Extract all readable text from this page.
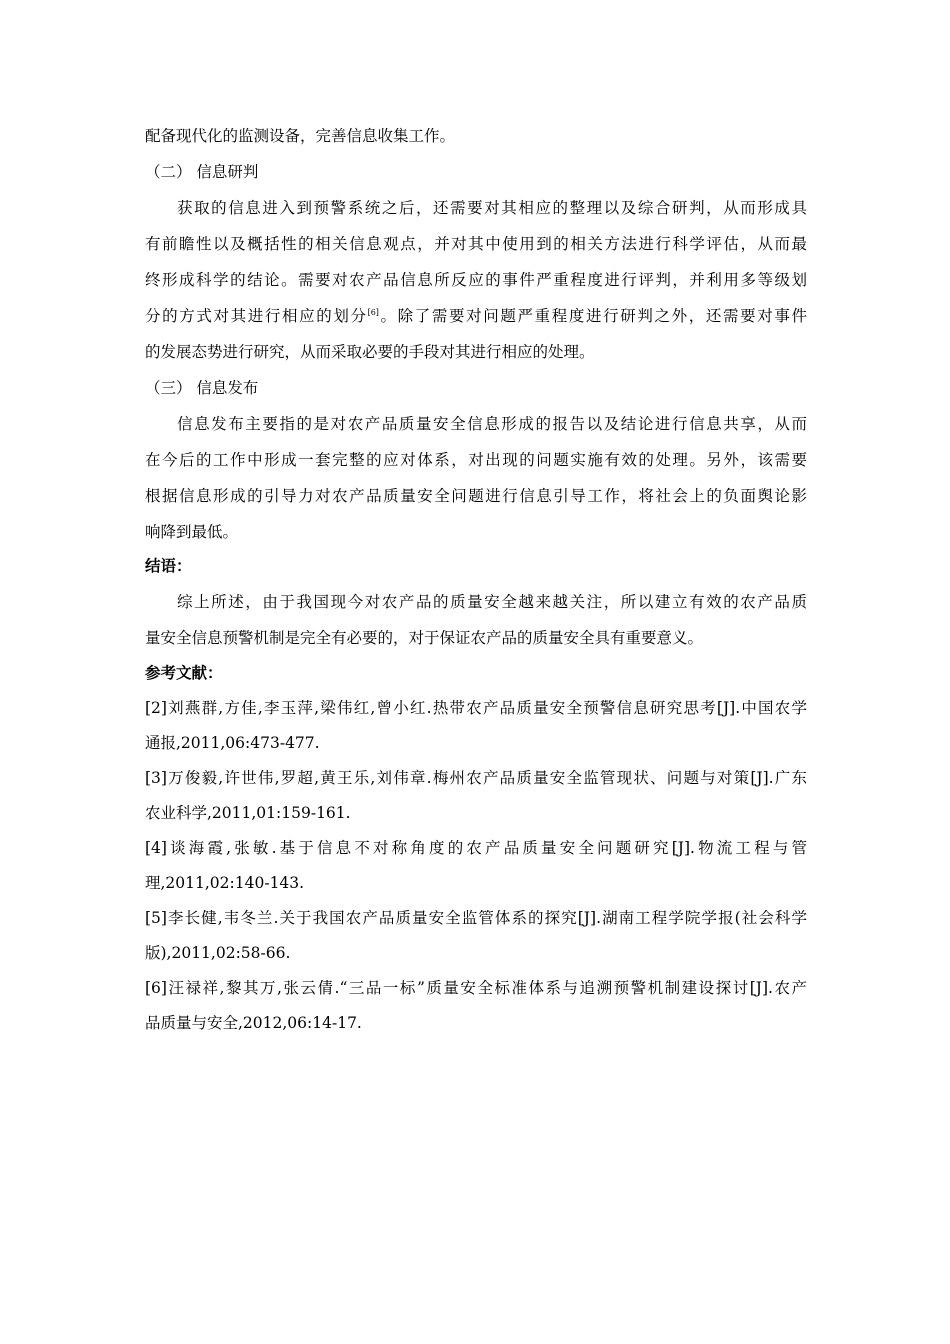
配备现代化的监测设备，完善信息收集工作。
（二） 信息研判
获取的信息进入到预警系统之后，还需要对其相应的整理以及综合研判，从而形成具
有前瞻性以及概括性的相关信息观点，并对其中使用到的相关方法进行科学评估，从而最
终形成科学的结论。需要对农产品信息所反应的事件严重程度进行评判，并利用多等级划
分的方式对其进行相应的划分[6]。除了需要对问题严重程度进行研判之外，还需要对事件
的发展态势进行研究，从而采取必要的手段对其进行相应的处理。
（三） 信息发布
信息发布主要指的是对农产品质量安全信息形成的报告以及结论进行信息共享，从而
在今后的工作中形成一套完整的应对体系，对出现的问题实施有效的处理。另外，该需要
根据信息形成的引导力对农产品质量安全问题进行信息引导工作，将社会上的负面舆论影
响降到最低。
结语：
综上所述，由于我国现今对农产品的质量安全越来越关注，所以建立有效的农产品质
量安全信息预警机制是完全有必要的，对于保证农产品的质量安全具有重要意义。
参考文献：
[2]刘燕群,方佳,李玉萍,梁伟红,曾小红.热带农产品质量安全预警信息研究思考[J].中国农学
通报,2011,06:473-477.
[3]万俊毅,许世伟,罗超,黄王乐,刘伟章.梅州农产品质量安全监管现状、问题与对策[J].广东
农业科学,2011,01:159-161.
[4]谈海霞,张敏.基于信息不对称角度的农产品质量安全问题研究[J].物流工程与管
理,2011,02:140-143.
[5]李长健,韦冬兰.关于我国农产品质量安全监管体系的探究[J].湖南工程学院学报(社会科学
版),2011,02:58-66.
[6]汪禄祥,黎其万,张云倩.“三品一标”质量安全标准体系与追溯预警机制建设探讨[J].农产
品质量与安全,2012,06:14-17.
